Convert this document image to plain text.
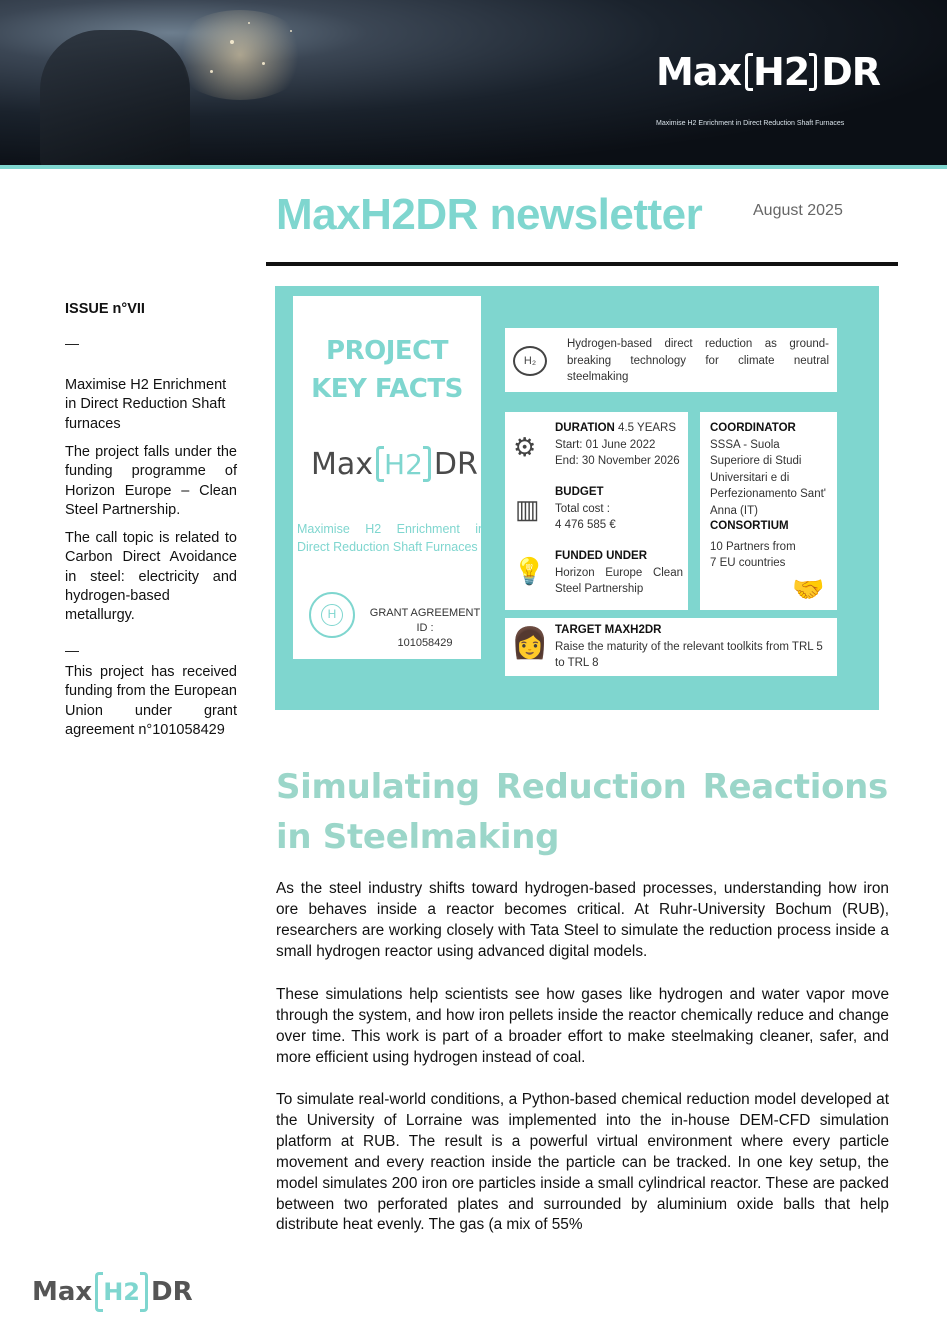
Max H2 DR
Maximise H2 Enrichment in Direct Reduction Shaft Furnaces
MaxH2DR newsletter	August 2025
ISSUE n°VII
—
Maximise H2 Enrichment in Direct Reduction Shaft furnaces
The project falls under the funding programme of Horizon Europe – Clean Steel Partnership.
The call topic is related to Carbon Direct Avoidance in steel: electricity and hydrogen-based metallurgy.
—
This project has received funding from the European Union under grant agreement n°101058429
PROJECT
KEY FACTS
Max H2 DR
Maximise H2 Enrichment in Direct Reduction Shaft Furnaces
H	GRANT AGREEMENT ID :
101058429
H₂
Hydrogen-based direct reduction as ground-breaking technology for climate neutral steelmaking
⚙
DURATION 4.5 YEARS
Start: 01 June 2022
End: 30 November 2026
▥
BUDGET
Total cost :
4 476 585 €
💡 FUNDED UNDER
Horizon Europe Clean Steel Partnership
COORDINATOR
SSSA - Suola Superiore di Studi Universitari e di Perfezionamento Sant' Anna (IT)
CONSORTIUM
10 Partners from
7 EU countries
🤝
👩 TARGET MAXH2DR
Raise the maturity of the relevant toolkits from TRL 5 to TRL 8
Simulating Reduction Reactions in Steelmaking
As the steel industry shifts toward hydrogen-based processes, understanding how iron ore behaves inside a reactor becomes critical. At Ruhr-University Bochum (RUB), researchers are working closely with Tata Steel to simulate the reduction process inside a small hydrogen reactor using advanced digital models.
These simulations help scientists see how gases like hydrogen and water vapor move through the system, and how iron pellets inside the reactor chemically reduce and change over time. This work is part of a broader effort to make steelmaking cleaner, safer, and more efficient using hydrogen instead of coal.
To simulate real-world conditions, a Python-based chemical reduction model developed at the University of Lorraine was implemented into the in-house DEM-CFD simulation platform at RUB. The result is a powerful virtual environment where every particle movement and every reaction inside the particle can be tracked. In one key setup, the model simulates 200 iron ore particles inside a small cylindrical reactor. These are packed between two perforated plates and surrounded by aluminium oxide balls that help distribute heat evenly. The gas (a mix of 55%
Max H2 DR
